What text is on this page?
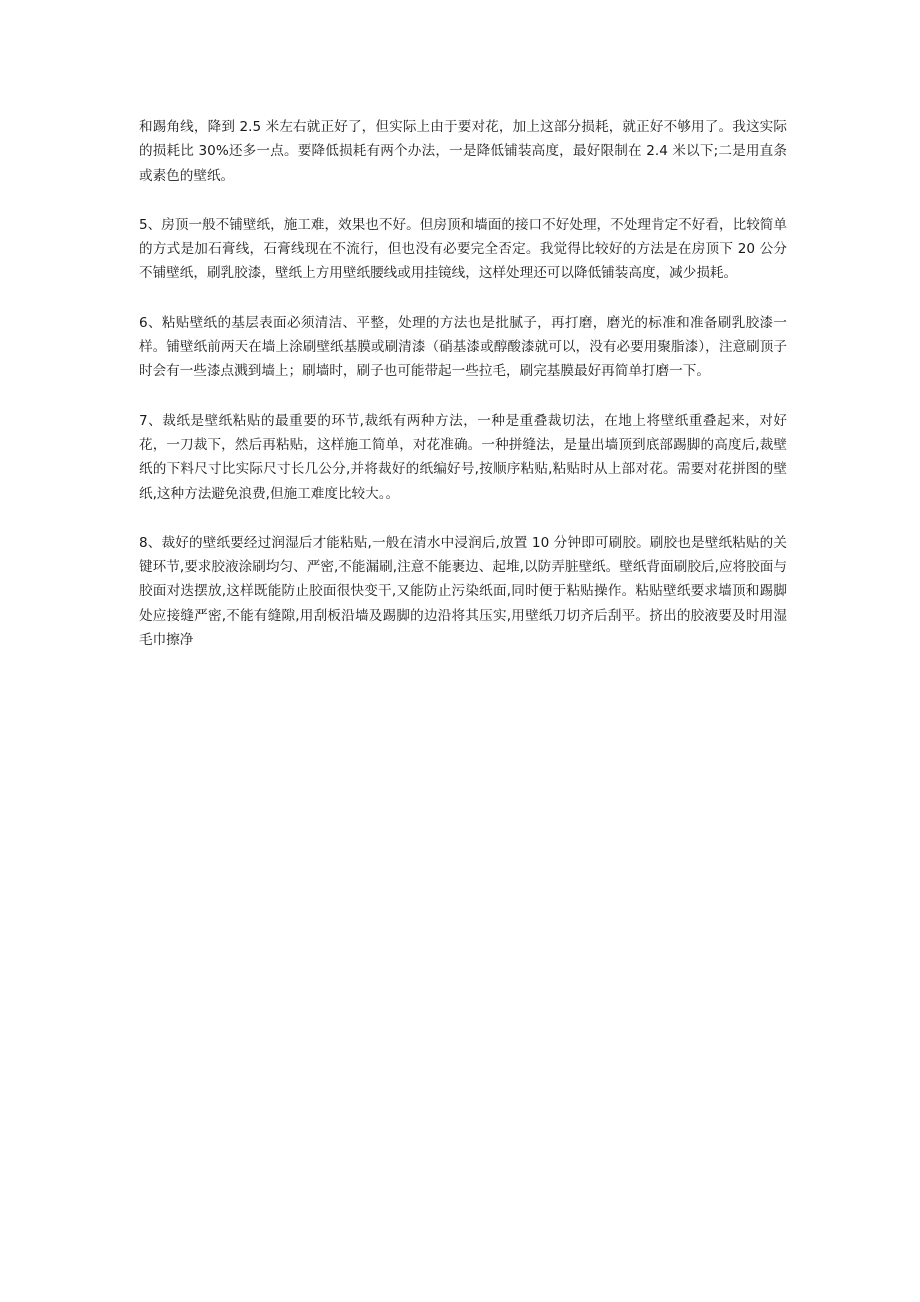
和踢角线，降到 2.5 米左右就正好了，但实际上由于要对花，加上这部分损耗，就正好不够用了。我这实际的损耗比 30%还多一点。要降低损耗有两个办法，一是降低铺装高度，最好限制在 2.4 米以下;二是用直条或素色的壁纸。

5、房顶一般不铺壁纸，施工难，效果也不好。但房顶和墙面的接口不好处理，不处理肯定不好看，比较简单的方式是加石膏线，石膏线现在不流行，但也没有必要完全否定。我觉得比较好的方法是在房顶下 20 公分不铺壁纸，刷乳胶漆，壁纸上方用壁纸腰线或用挂镜线，这样处理还可以降低铺装高度，减少损耗。

6、粘贴壁纸的基层表面必须清洁、平整，处理的方法也是批腻子，再打磨，磨光的标准和准备刷乳胶漆一样。铺壁纸前两天在墙上涂刷壁纸基膜或刷清漆（硝基漆或醇酸漆就可以，没有必要用聚脂漆），注意刷顶子时会有一些漆点溅到墙上；刷墙时，刷子也可能带起一些拉毛，刷完基膜最好再简单打磨一下。

7、裁纸是壁纸粘贴的最重要的环节,裁纸有两种方法，一种是重叠裁切法，在地上将壁纸重叠起来，对好花，一刀裁下，然后再粘贴，这样施工简单，对花准确。一种拼缝法，是量出墙顶到底部踢脚的高度后,裁壁纸的下料尺寸比实际尺寸长几公分,并将裁好的纸编好号,按顺序粘贴,粘贴时从上部对花。需要对花拼图的壁纸,这种方法避免浪费,但施工难度比较大。。

8、裁好的壁纸要经过润湿后才能粘贴,一般在清水中浸润后,放置 10 分钟即可刷胶。刷胶也是壁纸粘贴的关键环节,要求胶液涂刷均匀、严密,不能漏刷,注意不能裹边、起堆,以防弄脏壁纸。壁纸背面刷胶后,应将胶面与胶面对迭摆放,这样既能防止胶面很快变干,又能防止污染纸面,同时便于粘贴操作。粘贴壁纸要求墙顶和踢脚处应接缝严密,不能有缝隙,用刮板沿墙及踢脚的边沿将其压实,用壁纸刀切齐后刮平。挤出的胶液要及时用湿毛巾擦净
